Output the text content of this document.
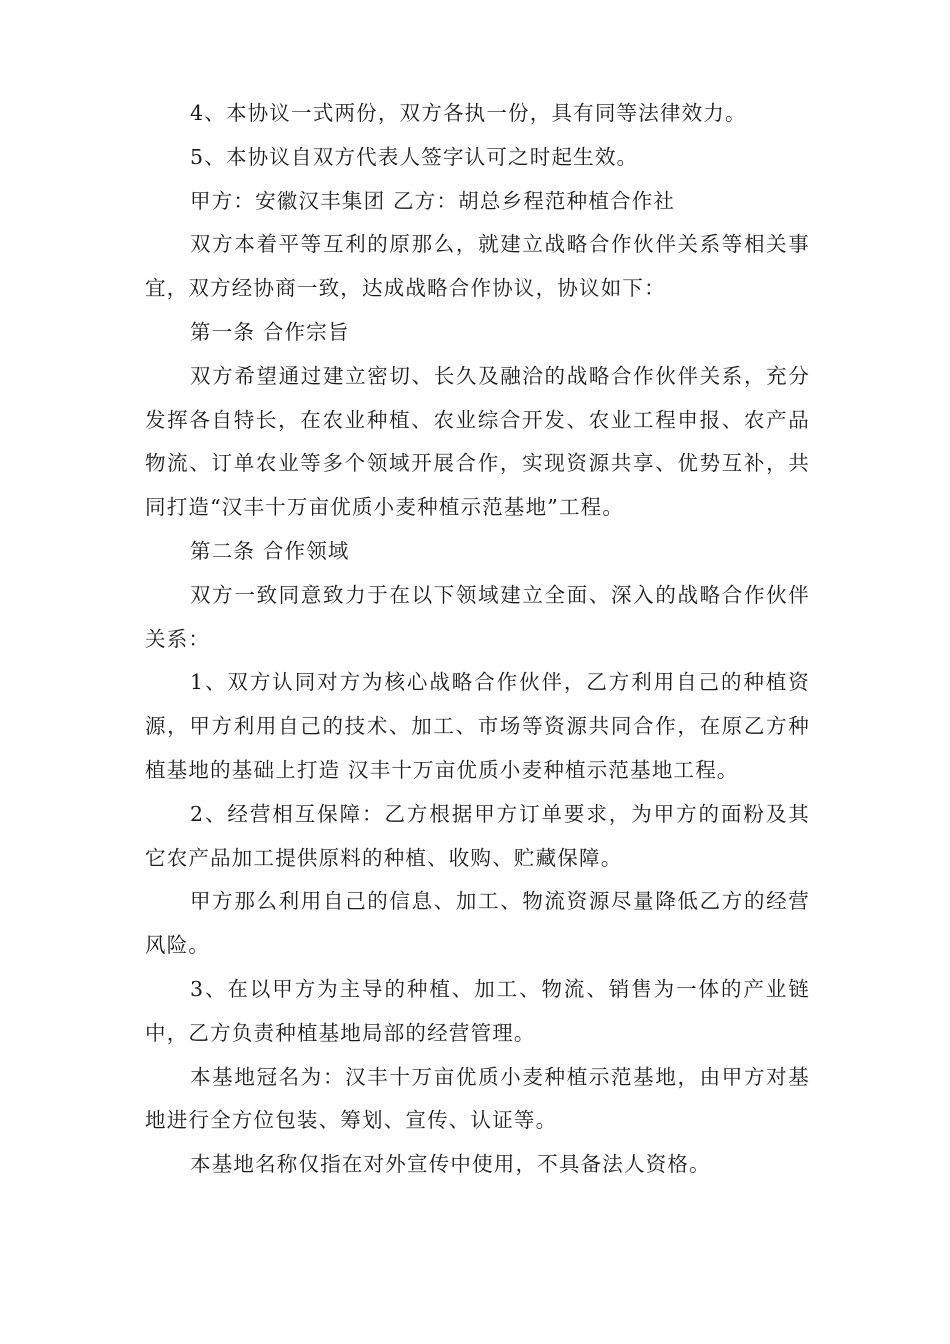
4、本协议一式两份，双方各执一份，具有同等法律效力。

5、本协议自双方代表人签字认可之时起生效。

甲方：安徽汉丰集团 乙方：胡总乡程范种植合作社

双方本着平等互利的原那么，就建立战略合作伙伴关系等相关事宜，双方经协商一致，达成战略合作协议，协议如下：

第一条 合作宗旨

双方希望通过建立密切、长久及融洽的战略合作伙伴关系，充分发挥各自特长，在农业种植、农业综合开发、农业工程申报、农产品物流、订单农业等多个领域开展合作，实现资源共享、优势互补，共同打造“汉丰十万亩优质小麦种植示范基地”工程。

第二条 合作领域

双方一致同意致力于在以下领域建立全面、深入的战略合作伙伴关系：

1、双方认同对方为核心战略合作伙伴，乙方利用自己的种植资源，甲方利用自己的技术、加工、市场等资源共同合作，在原乙方种植基地的基础上打造 汉丰十万亩优质小麦种植示范基地工程。

2、经营相互保障：乙方根据甲方订单要求，为甲方的面粉及其它农产品加工提供原料的种植、收购、贮藏保障。

甲方那么利用自己的信息、加工、物流资源尽量降低乙方的经营风险。

3、在以甲方为主导的种植、加工、物流、销售为一体的产业链中，乙方负责种植基地局部的经营管理。

本基地冠名为：汉丰十万亩优质小麦种植示范基地，由甲方对基地进行全方位包装、筹划、宣传、认证等。

本基地名称仅指在对外宣传中使用，不具备法人资格。
